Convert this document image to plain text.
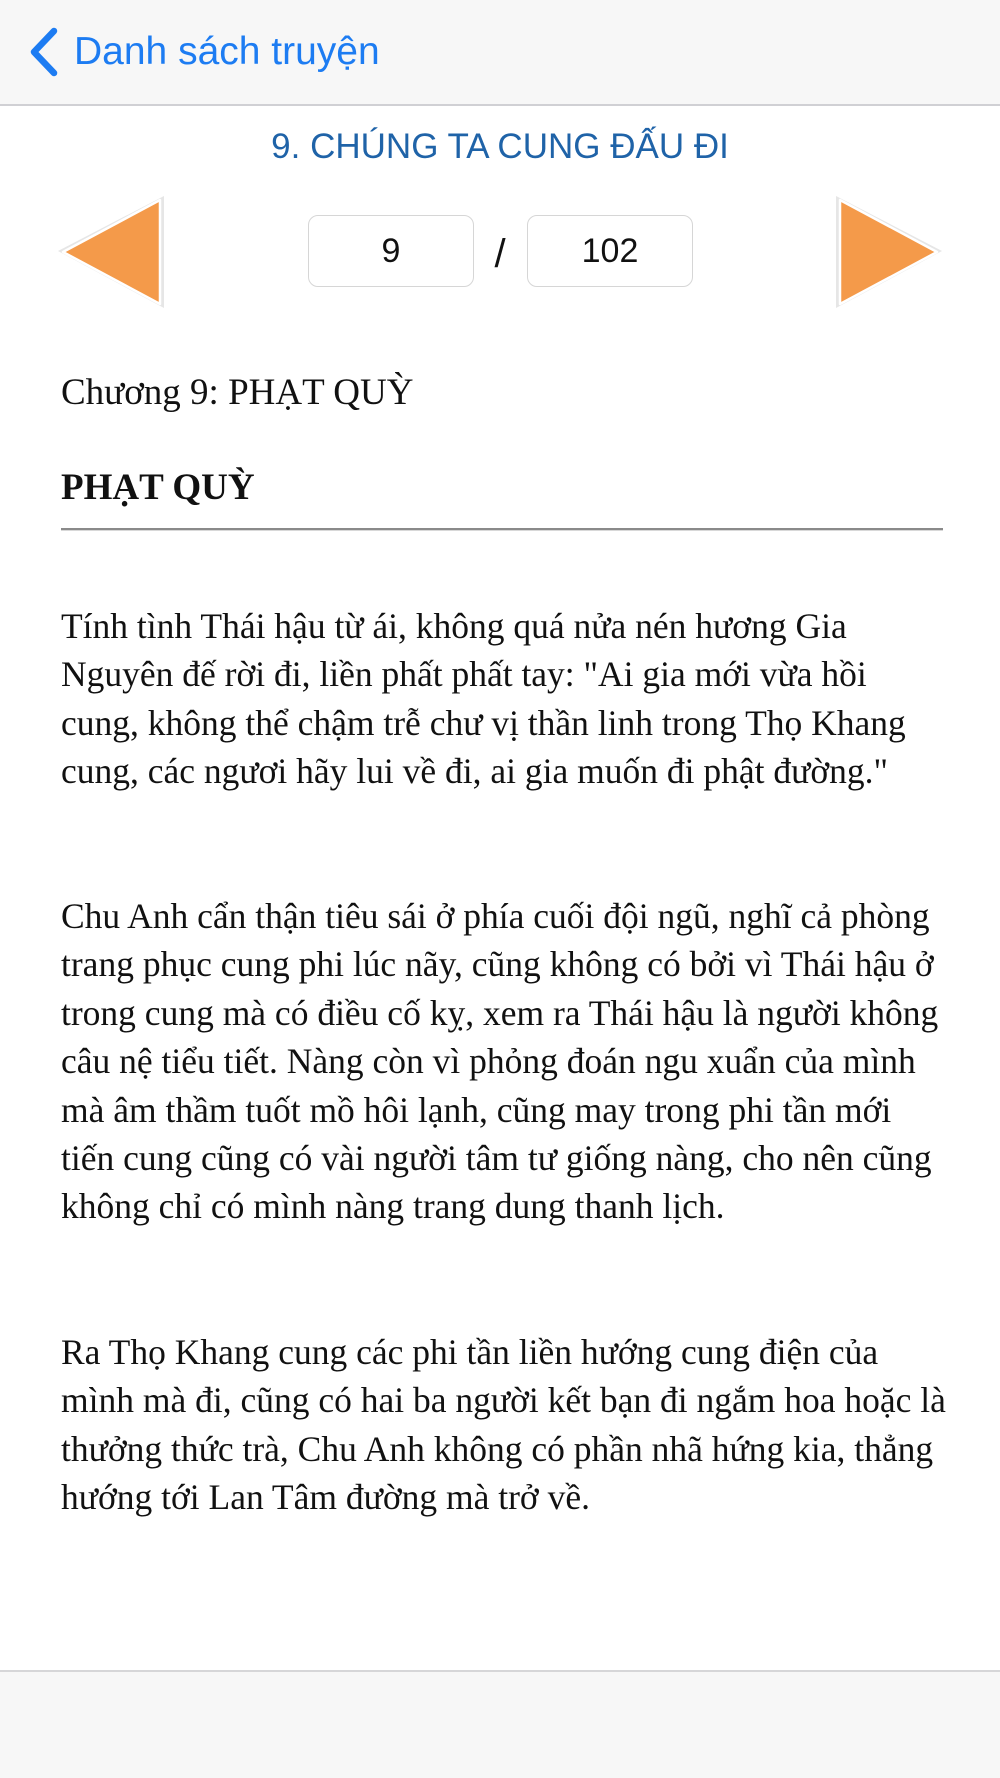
Danh sách truyện
9. CHÚNG TA CUNG ĐẤU ĐI
9
/
102
Chương 9: PHẠT QUỲ
PHẠT QUỲ

Tính tình Thái hậu từ ái, không quá nửa nén hương Gia Nguyên đế rời đi, liền phất phất tay: "Ai gia mới vừa hồi cung, không thể chậm trễ chư vị thần linh trong Thọ Khang cung, các ngươi hãy lui về đi, ai gia muốn đi phật đường."

Chu Anh cẩn thận tiêu sái ở phía cuối đội ngũ, nghĩ cả phòng trang phục cung phi lúc nãy, cũng không có bởi vì Thái hậu ở trong cung mà có điều cố kỵ, xem ra Thái hậu là người không câu nệ tiểu tiết. Nàng còn vì phỏng đoán ngu xuẩn của mình mà âm thầm tuốt mồ hôi lạnh, cũng may trong phi tần mới tiến cung cũng có vài người tâm tư giống nàng, cho nên cũng không chỉ có mình nàng trang dung thanh lịch.

Ra Thọ Khang cung các phi tần liền hướng cung điện của mình mà đi, cũng có hai ba người kết bạn đi ngắm hoa hoặc là thưởng thức trà, Chu Anh không có phần nhã hứng kia, thẳng hướng tới Lan Tâm đường mà trở về.
